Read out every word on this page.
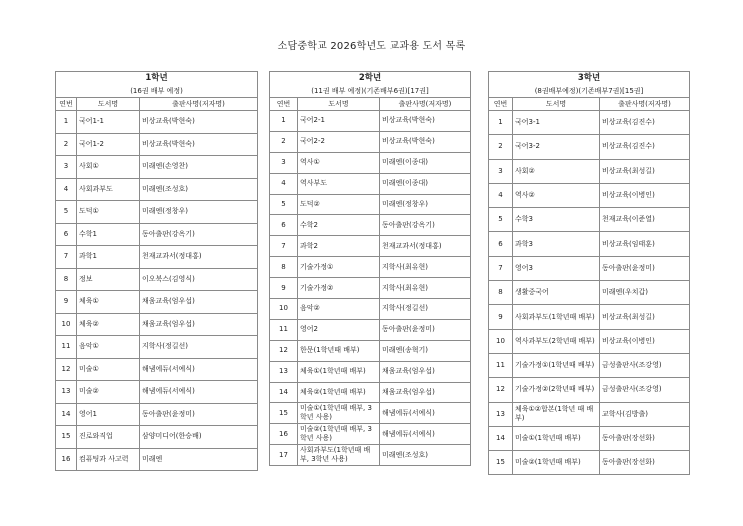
소담중학교 2026학년도 교과용 도서 목록
1학년		
(16권 배부 예정)		
연번	도서명	출판사명(저자명)
1	국어1-1	비상교육(박현숙)
2	국어1-2	비상교육(박현숙)
3	사회①	미래엔(손영찬)
4	사회과부도	미래엔(조성호)
5	도덕①	미래엔(정창우)
6	수학1	동아출판(강옥기)
7	과학1	천재교과서(정대홍)
8	정보	이오북스(김영식)
9	체육①	채움교육(엄우섭)
10	체육②	채움교육(엄우섭)
11	음악①	지학사(정길선)
12	미술①	해냄에듀(서예식)
13	미술②	해냄에듀(서예식)
14	영어1	동아출판(윤정미)
15	진로와직업	삼양미디어(한승배)
16	컴퓨팅과 사고력	미래엔
2학년		
(11권 배부 예정)(기존배부6권)[17권]		
연번	도서명	출판사명(저자명)
1	국어2-1	비상교육(박현숙)
2	국어2-2	비상교육(박현숙)
3	역사①	미래엔(이종대)
4	역사부도	미래엔(이종대)
5	도덕②	미래엔(정창우)
6	수학2	동아출판(강옥기)
7	과학2	천재교과서(정대홍)
8	기술가정①	지학사(최유현)
9	기술가정②	지학사(최유현)
10	음악②	지학사(정길선)
11	영어2	동아출판(윤정미)
12	한문(1학년때 배부)	미래엔(송혁기)
13	체육①(1학년때 배부)	채움교육(엄우섭)
14	체육②(1학년때 배부)	채움교육(엄우섭)
15	미술①(1학년때 배부, 3학년 사용)	해냄에듀(서예식)
16	미술②(1학년때 배부, 3학년 사용)	해냄에듀(서예식)
17	사회과부도(1학년때 배부, 3학년 사용)	미래엔(조성호)
3학년		
(8권배부예정)(기존배부7권)[15권]		
연번	도서명	출판사명(저자명)
1	국어3-1	비상교육(김진수)
2	국어3-2	비상교육(김진수)
3	사회②	비상교육(최성길)
4	역사②	비상교육(이병인)
5	수학3	천재교육(이준열)
6	과학3	비상교육(임태훈)
7	영어3	동아출판(윤정미)
8	생활중국어	미래엔(우치갑)
9	사회과부도(1학년때 배부)	비상교육(최성길)
10	역사과부도(2학년때 배부)	비상교육(이병인)
11	기술가정①(1학년때 배부)	금성출판사(조강영)
12	기술가정②(2학년때 배부)	금성출판사(조강영)
13	체육①②합본(1학년 때 배부)	교학사(김방출)
14	미술①(1학년때 배부)	동아출판(장선화)
15	미술②(1학년때 배부)	동아출판(장선화)
